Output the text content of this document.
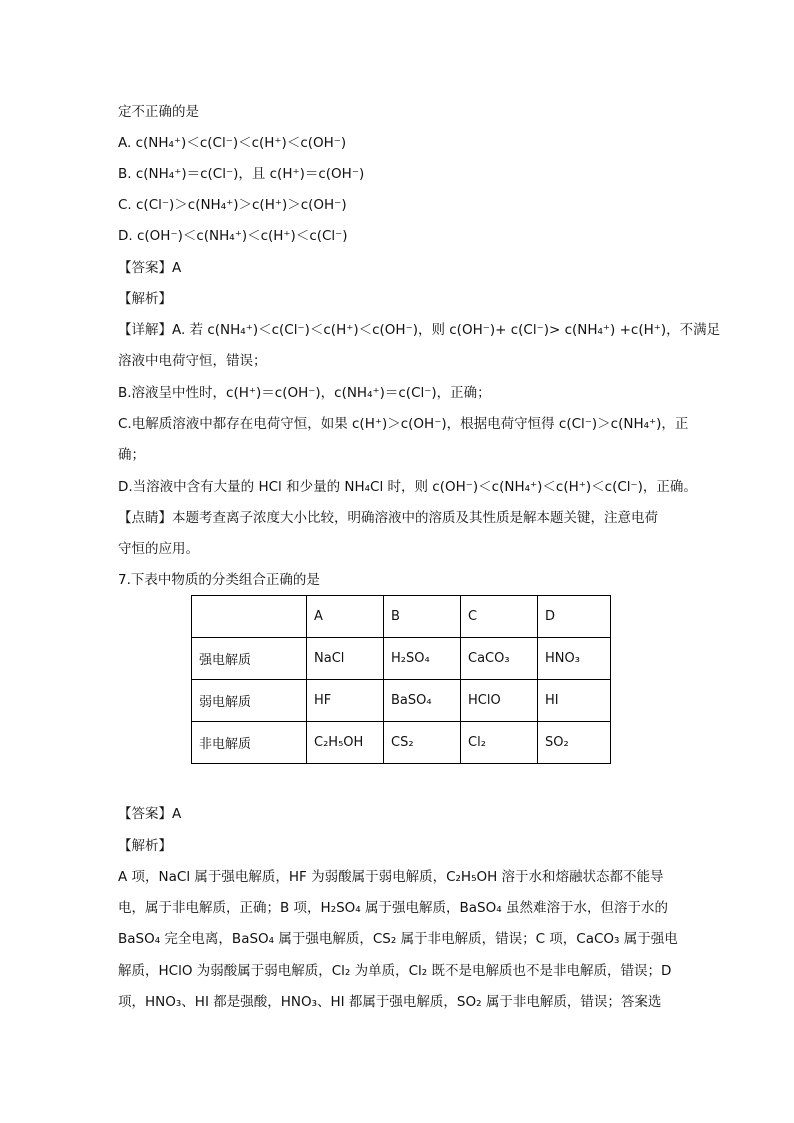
定不正确的是
A. c(NH₄⁺)＜c(Cl⁻)＜c(H⁺)＜c(OH⁻)
B. c(NH₄⁺)＝c(Cl⁻)，且 c(H⁺)＝c(OH⁻)
C. c(Cl⁻)＞c(NH₄⁺)＞c(H⁺)＞c(OH⁻)
D. c(OH⁻)＜c(NH₄⁺)＜c(H⁺)＜c(Cl⁻)
【答案】A
【解析】
【详解】A. 若 c(NH₄⁺)＜c(Cl⁻)＜c(H⁺)＜c(OH⁻)，则 c(OH⁻)+ c(Cl⁻)> c(NH₄⁺) +c(H⁺)，不满足
溶液中电荷守恒，错误；
B.溶液呈中性时，c(H⁺)＝c(OH⁻)，c(NH₄⁺)＝c(Cl⁻)，正确；
C.电解质溶液中都存在电荷守恒，如果 c(H⁺)＞c(OH⁻)，根据电荷守恒得 c(Cl⁻)＞c(NH₄⁺)，正
确；
D.当溶液中含有大量的 HCl 和少量的 NH₄Cl 时，则 c(OH⁻)＜c(NH₄⁺)＜c(H⁺)＜c(Cl⁻)，正确。
【点睛】本题考查离子浓度大小比较，明确溶液中的溶质及其性质是解本题关键，注意电荷
守恒的应用。
7.下表中物质的分类组合正确的是
	A	B	C	D
强电解质	NaCl	H₂SO₄	CaCO₃	HNO₃
弱电解质	HF	BaSO₄	HClO	HI
非电解质	C₂H₅OH	CS₂	Cl₂	SO₂
【答案】A
【解析】
A 项，NaCl 属于强电解质，HF 为弱酸属于弱电解质，C₂H₅OH 溶于水和熔融状态都不能导
电，属于非电解质，正确；B 项，H₂SO₄ 属于强电解质，BaSO₄ 虽然难溶于水，但溶于水的
BaSO₄ 完全电离，BaSO₄ 属于强电解质，CS₂ 属于非电解质，错误；C 项，CaCO₃ 属于强电
解质，HClO 为弱酸属于弱电解质，Cl₂ 为单质，Cl₂ 既不是电解质也不是非电解质，错误；D
项，HNO₃、HI 都是强酸，HNO₃、HI 都属于强电解质，SO₂ 属于非电解质，错误；答案选
